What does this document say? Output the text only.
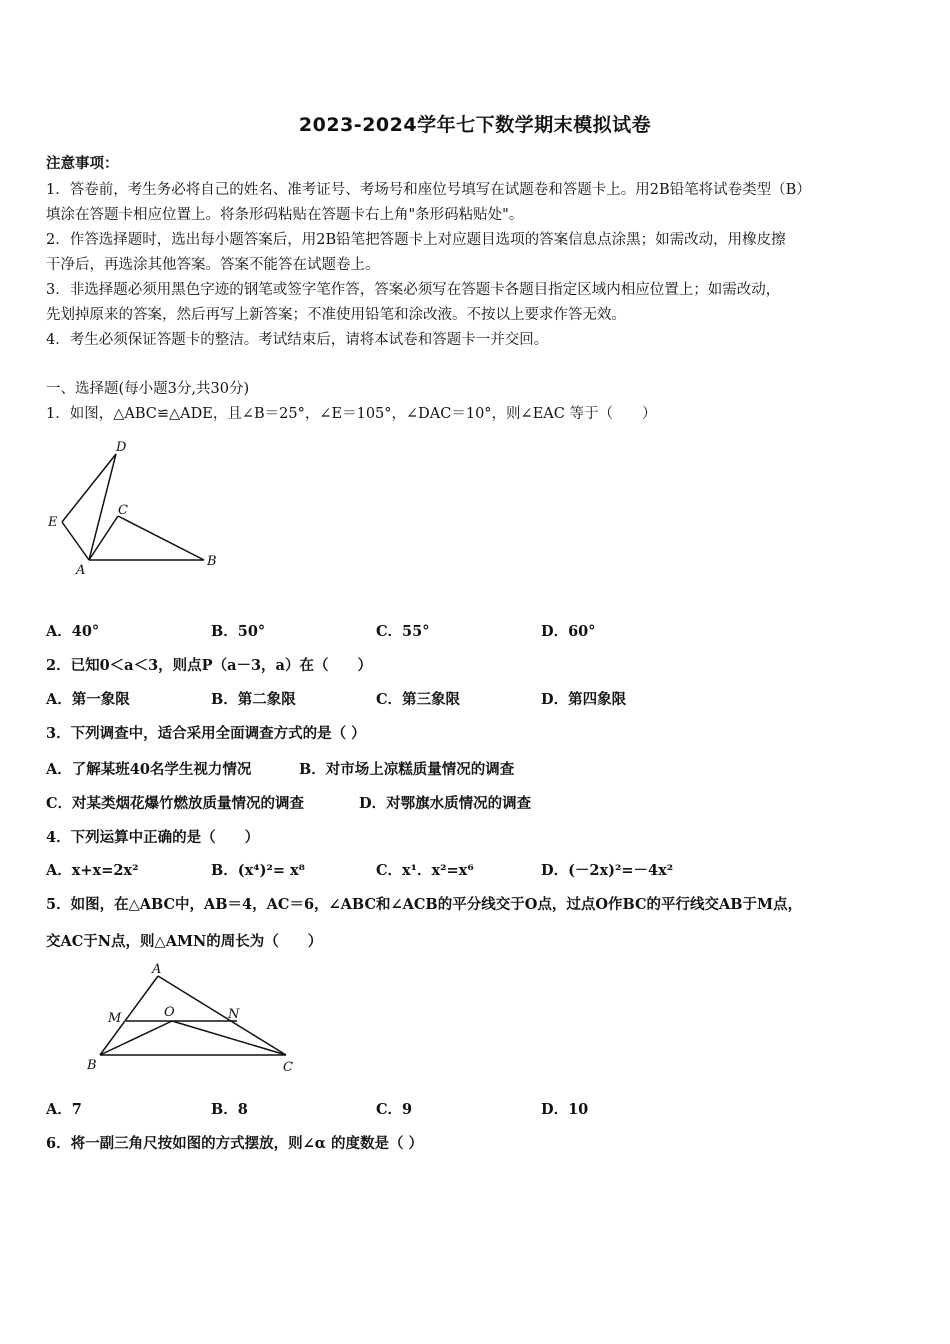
2023-2024学年七下数学期末模拟试卷
注意事项：
1．答卷前，考生务必将自己的姓名、准考证号、考场号和座位号填写在试题卷和答题卡上。用2B铅笔将试卷类型（B）
填涂在答题卡相应位置上。将条形码粘贴在答题卡右上角"条形码粘贴处"。
2．作答选择题时，选出每小题答案后，用2B铅笔把答题卡上对应题目选项的答案信息点涂黑；如需改动，用橡皮擦
干净后，再选涂其他答案。答案不能答在试题卷上。
3．非选择题必须用黑色字迹的钢笔或签字笔作答，答案必须写在答题卡各题目指定区域内相应位置上；如需改动，
先划掉原来的答案，然后再写上新答案；不准使用铅笔和涂改液。不按以上要求作答无效。
4．考生必须保证答题卡的整洁。考试结束后，请将本试卷和答题卡一并交回。
一、选择题(每小题3分,共30分)
1．如图，△ABC≌△ADE，且∠B＝25°，∠E＝105°，∠DAC＝10°，则∠EAC 等于（　　）
D
C
E
A
B
A．40°	B．50°	C．55°	D．60°
2．已知0＜a＜3，则点P（a－3，a）在（　　）
A．第一象限	B．第二象限	C．第三象限	D．第四象限
3．下列调查中，适合采用全面调查方式的是（ ）
A．了解某班40名学生视力情况	B．对市场上凉糕质量情况的调查
C．对某类烟花爆竹燃放质量情况的调查	D．对鄂旗水质情况的调查
4．下列运算中正确的是（　　）
A．x+x=2x²	B．(x⁴)²= x⁸	C．x¹．x²=x⁶	D．(－2x)²=－4x²
5．如图，在△ABC中，AB＝4，AC＝6，∠ABC和∠ACB的平分线交于O点，过点O作BC的平行线交AB于M点，
交AC于N点，则△AMN的周长为（　　）
A
M	O	N
B	C
A．7	B．8	C．9	D．10
6．将一副三角尺按如图的方式摆放，则∠α 的度数是（ ）
